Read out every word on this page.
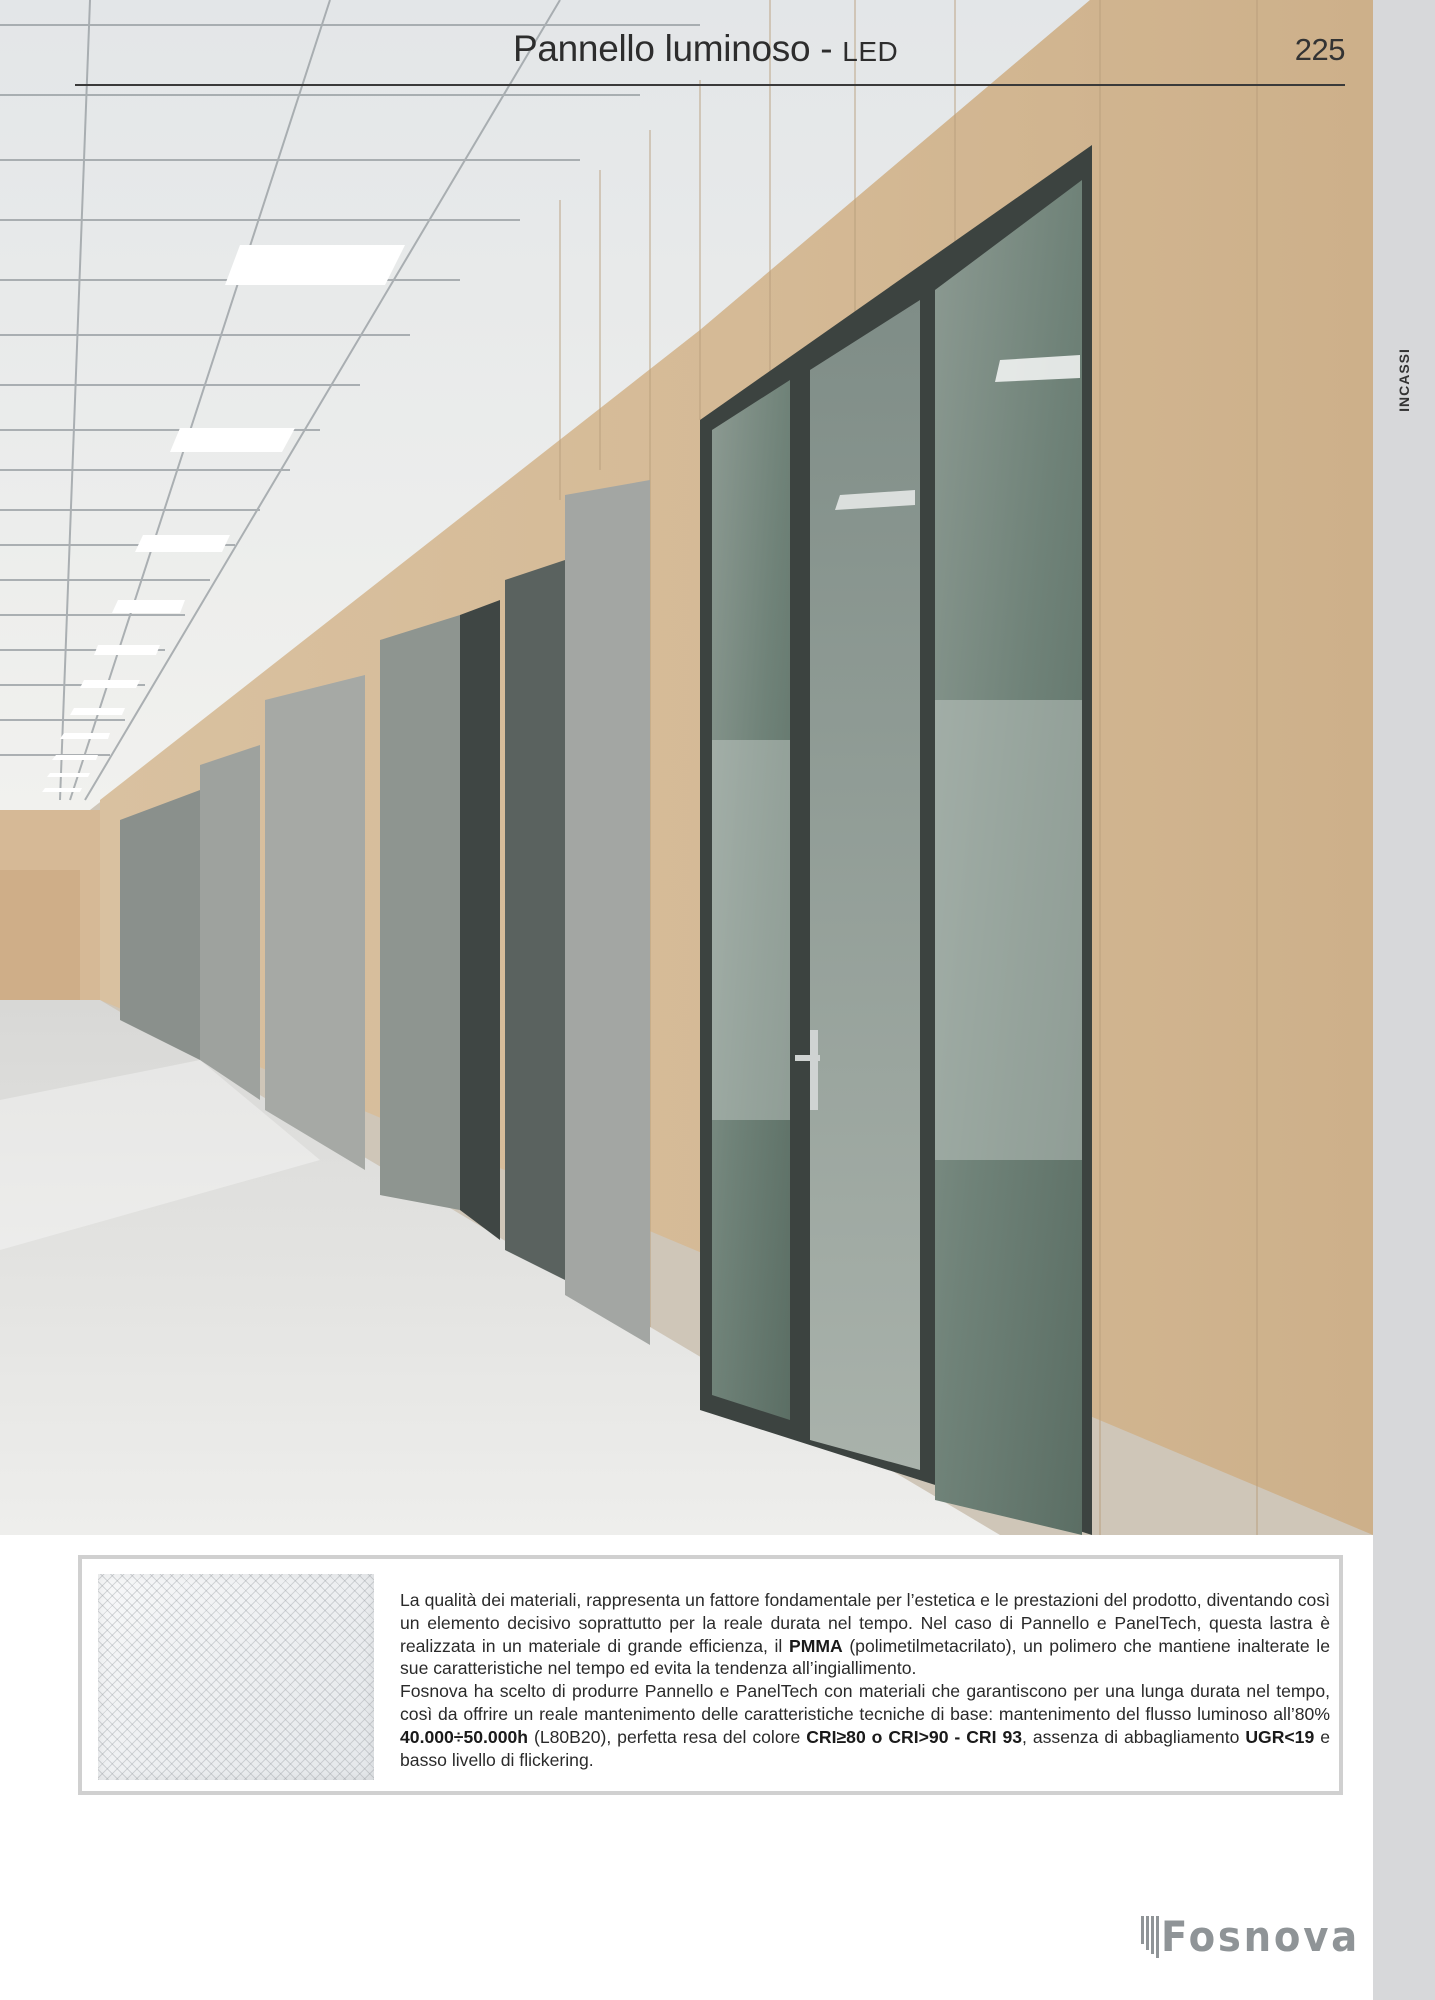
INCASSI
Pannello luminoso - LED	225

La qualità dei materiali, rappresenta un fattore fondamentale per l’estetica e le prestazioni del prodotto, diventando così un elemento decisivo soprattutto per la reale durata nel tempo. Nel caso di Pannello e PanelTech, questa lastra è realizzata in un materiale di grande efficienza, il PMMA (polimetilmetacrilato), un polimero che mantiene inalterate le sue caratteristiche nel tempo ed evita la tendenza all’ingiallimento.

Fosnova ha scelto di produrre Pannello e PanelTech con materiali che garantiscono per una lunga durata nel tempo, così da offrire un reale mantenimento delle caratteristiche tecniche di base: mantenimento del flusso luminoso all’80% 40.000÷50.000h (L80B20), perfetta resa del colore CRI≥80 o CRI>90 - CRI 93, assenza di abbagliamento UGR<19 e basso livello di flickering.

Fosnova
